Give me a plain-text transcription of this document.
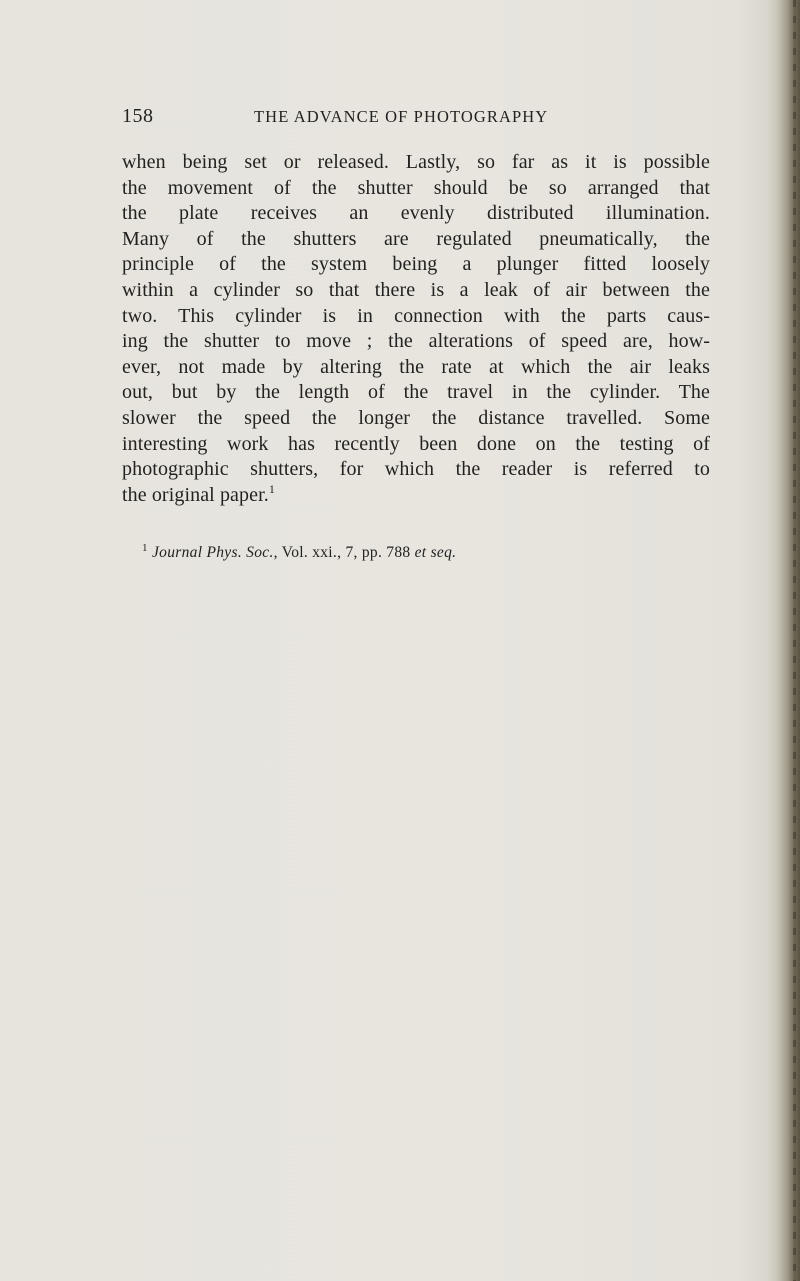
158	THE ADVANCE OF PHOTOGRAPHY

when being set or released. Lastly, so far as it is possible
the movement of the shutter should be so arranged that
the plate receives an evenly distributed illumination.
Many of the shutters are regulated pneumatically, the
principle of the system being a plunger fitted loosely
within a cylinder so that there is a leak of air between the
two. This cylinder is in connection with the parts caus-
ing the shutter to move ; the alterations of speed are, how-
ever, not made by altering the rate at which the air leaks
out, but by the length of the travel in the cylinder. The
slower the speed the longer the distance travelled. Some
interesting work has recently been done on the testing of
photographic shutters, for which the reader is referred to
the original paper.$^1$

$^1$ Journal Phys. Soc., Vol. xxi., 7, pp. 788 et seq.
